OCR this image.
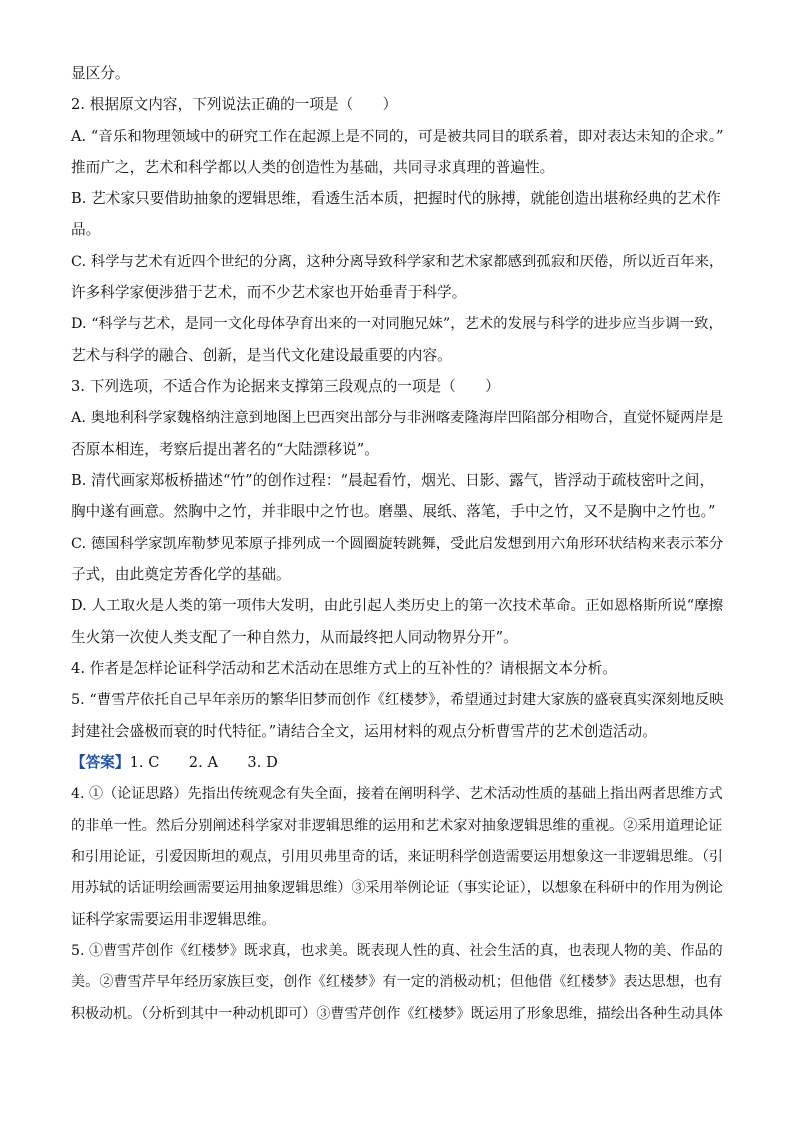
显区分。
2. 根据原文内容，下列说法正确的一项是（　　）
A. “音乐和物理领域中的研究工作在起源上是不同的，可是被共同目的联系着，即对表达未知的企求。”
推而广之，艺术和科学都以人类的创造性为基础，共同寻求真理的普遍性。
B. 艺术家只要借助抽象的逻辑思维，看透生活本质，把握时代的脉搏，就能创造出堪称经典的艺术作
品。
C. 科学与艺术有近四个世纪的分离，这种分离导致科学家和艺术家都感到孤寂和厌倦，所以近百年来，
许多科学家便涉猎于艺术，而不少艺术家也开始垂青于科学。
D. “科学与艺术，是同一文化母体孕育出来的一对同胞兄妹”，艺术的发展与科学的进步应当步调一致，
艺术与科学的融合、创新，是当代文化建设最重要的内容。
3. 下列选项，不适合作为论据来支撑第三段观点的一项是（　　）
A. 奥地利科学家魏格纳注意到地图上巴西突出部分与非洲喀麦隆海岸凹陷部分相吻合，直觉怀疑两岸是
否原本相连，考察后提出著名的“大陆漂移说”。
B. 清代画家郑板桥描述“竹”的创作过程：“晨起看竹，烟光、日影、露气，皆浮动于疏枝密叶之间，
胸中遂有画意。然胸中之竹，并非眼中之竹也。磨墨、展纸、落笔，手中之竹，又不是胸中之竹也。”
C. 德国科学家凯库勒梦见苯原子排列成一个圆圈旋转跳舞，受此启发想到用六角形环状结构来表示苯分
子式，由此奠定芳香化学的基础。
D. 人工取火是人类的第一项伟大发明，由此引起人类历史上的第一次技术革命。正如恩格斯所说“摩擦
生火第一次使人类支配了一种自然力，从而最终把人同动物界分开”。
4. 作者是怎样论证科学活动和艺术活动在思维方式上的互补性的？请根据文本分析。
5. “曹雪芹依托自己早年亲历的繁华旧梦而创作《红楼梦》，希望通过封建大家族的盛衰真实深刻地反映
封建社会盛极而衰的时代特征。”请结合全文，运用材料的观点分析曹雪芹的艺术创造活动。
【答案】1. C　　2. A　　3. D
4. ①（论证思路）先指出传统观念有失全面，接着在阐明科学、艺术活动性质的基础上指出两者思维方式
的非单一性。然后分别阐述科学家对非逻辑思维的运用和艺术家对抽象逻辑思维的重视。②采用道理论证
和引用论证，引爱因斯坦的观点，引用贝弗里奇的话，来证明科学创造需要运用想象这一非逻辑思维。（引
用苏轼的话证明绘画需要运用抽象逻辑思维）③采用举例论证（事实论证），以想象在科研中的作用为例论
证科学家需要运用非逻辑思维。
5. ①曹雪芹创作《红楼梦》既求真，也求美。既表现人性的真、社会生活的真，也表现人物的美、作品的
美。②曹雪芹早年经历家族巨变，创作《红楼梦》有一定的消极动机；但他借《红楼梦》表达思想，也有
积极动机。（分析到其中一种动机即可）③曹雪芹创作《红楼梦》既运用了形象思维，描绘出各种生动具体
